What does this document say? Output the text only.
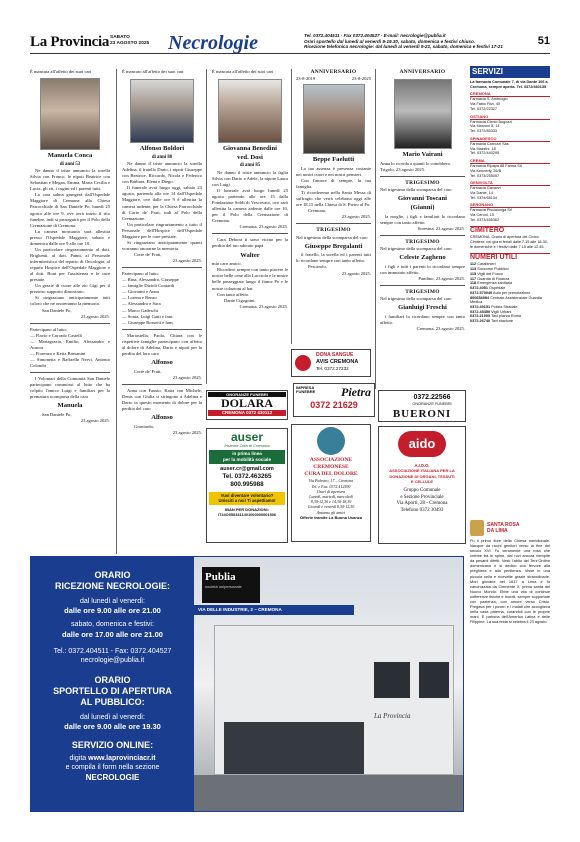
La Provincia SABATO
23 AGOSTO 2025 Necrologie	Tel. 0372.404511 · Fax 0372.404527 · E-mail: necrologie@publia.it
Orari sportello dal lunedì al venerdì 9-19.30, sabato, domenica e festivi chiuso.
Ricezione telefonica necrologie: dal lunedì al venerdì 9-21, sabato, domenica e festivi 17-21	51

È mancata all'affetto dei suoi cari

Manuela Conca
di anni 53

Ne danno il triste annuncio la sorella Silvia con Franco, le nipoti Beatrice con Sebastian e Megan, Emma, Maria Cecilia e Lucia, gli zii, i cugini ed i parenti tutti.

La cara salma giungerà dall'Ospedale Maggiore di Cremona alla Chiesa Parrocchiale di San Daniele Po, lunedì 25 agosto alle ore 9, ove avrà inizio il rito funebre, indi si proseguirà per il Polo della Cremazione di Cremona.

La camera mortuaria sarà allestita presso l'Ospedale Maggiore, sabato e domenica dalle ore 9 alle ore 18.

Un particolare ringraziamento al dott. Brighenti, al dott. Panni, al Personale infermieristico del reparto di Oncologia, al reparto Hospice dell'Ospedale Maggiore e al dott. Boni per l'assistenza e le cure prestate.

Un grazie di cuore alle zio Gigi per il prezioso supporto dimostrato.

Si ringraziano anticipatamente tutti coloro che ne onoreranno la memoria.

San Daniele Po,

23 agosto 2025.

Partecipano al lutto:

— Flavio e Corrado Castelli

— Mariagrazia, Emilio, Alessandro e Aurora

— Fiorenzo e Ketia Bassanini

— Simonetta e Raffaella Nervi, Antonio Colombi

I Volontari della Comunità San Daniele partecipano commossi al lutto che ha colpito l'amico Luigi e familiari per la prematura scomparsa della cara

Manuela

San Daniele Po,

23 agosto 2025.

È mancato all'affetto dei suoi cari

Alfonso Boldori
di anni 88

Ne danno il triste annuncio la sorella Adelina, il fratello Dario, i nipoti Giuseppe con Beatrice, Riccardo, Nicola e Federico con Barbara, Elena e Diego.

Il funerale avrà luogo oggi, sabato 23 agosto, partendo alle ore 14 dall'Ospedale Maggiore, ove dalle ore 9 è allestita la camera ardente, per la Chiesa Parrocchiale di Corte de' Frati, indi al Polo della Cremazione.

Un particolare ringraziamento a tutto il Personale dell'Hospice dell'Ospedale Maggiore per le cure prestate.

Si ringraziano anticipatamente quanti vorranno onorarne la memoria.

Corte de' Frati,

23 agosto 2025.

Partecipano al lutto:

— Rina, Alessandro, Giuseppe

— famiglie Dizioli Contardi

— Giovanni e Anna

— Lorena e Renzo

— Alessandro e Sara

— Marco Gadeschi

— Sonia, Luigi Gatti e fam.

— Giuseppe Rossetti e fam.

Mariastella, Paolo, Chiara con le rispettive famiglie partecipano con affetto al dolore di Adelina, Dario e nipoti per la perdita del loro caro

Alfonso

Corte de' Frati,

23 agosto 2025.

Anna con Fausto, Katia con Michele, Denis con Giulia si stringono a Adelina e Dario in questo momento di dolore per la perdita del caro

Alfonso

Grontardo,

23 agosto 2025.

È mancata all'affetto dei suoi cari

Giovanna Benedini
ved. Dosi
di anni 85

Ne danno il triste annuncio la figlia Silvia con Dario e Adele, la nipote Laura con Luigi.

Il funerale avrà luogo lunedì 25 agosto partendo alle ore 15 dalla Fondazione Soldi di Vescovato, ove sarà allestita la camera ardente dalle ore 10, per il Polo della Cremazione di Cremona.

Cremona, 23 agosto 2025.

Cara Debora ti sono vicino per la perdita del tuo adorato papà

Walter

mio caro amico.

Ricorderò sempre con tanto piacere le nostre belle cene alla Lucciola e le nostre belle passeggiate lungo il fiume Po e le nostre colazioni al bar.

Con tanto affetto.

Dante Cigognini.

Cremona, 23 agosto 2025.

ANNIVERSARIO
23-8-2019	23-8-2025
Beppe Faelutti

La tua assenza è presenza costante nei nostri cuori e nei nostri pensieri.

Con l'amore di sempre, la tua famiglia.

Ti ricorderemo nella Santa Messa di suffragio che verrà celebrata oggi alle ore 18,15 nella Chiesa di S. Pietro al Po.

Cremona,

23 agosto 2025.

TRIGESIMO

Nel trigesimo della scomparsa del caro

Giuseppe Bregalanti

il fratello, la sorella ed i parenti tutti lo ricordano sempre con tanto affetto.

Pescarolo,

23 agosto 2025.

ANNIVERSARIO
Mario Vairani

Anna lo ricorda a quanti lo conobbero.

Trigolo, 23 agosto 2025.

TRIGESIMO

Nel trigesimo della scomparsa del caro

Giovanni Toscani
(Gianni)

la moglie, i figli e familiari lo ricordano sempre con tanto affetto.

Soresina, 23 agosto 2025.

TRIGESIMO

Nel trigesimo della scomparsa del caro

Celeste Zagheno

i figli e tutti i parenti lo ricordano sempre con immutato affetto.

Pandino, 23 agosto 2025.

TRIGESIMO

Nel trigesimo della scomparsa del caro

Gianluigi Freschi

i familiari lo ricordano sempre con tanto affetto.

Cremona, 23 agosto 2025.

ONORANZE FUNEBRI
DOLARA
CREMONA 0372 430112
DONA SANGUE
AVIS CREMONA
Tel. 0372.27232
IMPRESA FUNEBRE	Pietra
0372 21629
0372.22566
ONORANZE FUNEBRI
BUERONI
auser
Insieme Città di Cremona
in prima linea
per la mobilità sociale
auser.cr@gmail.com
Tel. 0372.463265
800.995988
Vuoi diventare volontario?
Unisciti a noi! Ti aspettiamo!
IBAN PER DONAZIONI:
IT24O0503411401000000001506
ASSOCIAZIONE
CREMONESE
CURA DEL DOLORE
Via Palestro, 17 – Cremona
Tel. e Fax. 0372.412590
Orari di apertura
Lunedì, martedì, mercoledì
8,30-12,30 e 14,30-18,30
Giovedì e venerdì 8,30-12,30
Amiamo gli amici
Offerte tramite La Buona Usanza
aido
A.I.D.O.
ASSOCIAZIONE ITALIANA PER LA
DONAZIONE DI ORGANI, TESSUTI
E CELLULE
Gruppo Comunale
e Sezione Provinciale
Via Aporti, 28 - Cremona
Telefono 0372 30493
ORARIO
RICEZIONE NECROLOGIE:
dal lunedì al venerdì:
dalle ore 9.00 alle ore 21.00
sabato, domenica e festivi:
dalle ore 17.00 alle ore 21.00
Tel.: 0372.404511 - Fax: 0372.404527
necrologie@publia.it
ORARIO
SPORTELLO DI APERTURA
AL PUBBLICO:
dal lunedì al venerdì:
dalle ore 9.00 alle ore 19.30
SERVIZIO ONLINE:
digita www.laprovinciacr.it
e compila il form nella sezione
NECROLOGIE
Publia
società unipersonale
VIA DELLE INDUSTRIE, 2 – CREMONA
La Provincia
SERVIZI
La farmacia Comunale 7, di via Dante 106 a Cremona, sempre aperta. Tel. 0372/460135
CREMONA
Farmacia S. Ambrogio
Via Fabio Filzi, 40
Tel. 0372/22327
OSTIANO
Farmacia Clerici Bugozzi
Via Marconi 5, 14
Tel. 0372/85333
SPINADESCO
Farmacia Carrozzi Sas
Via Mazzini, 18
Tel. 0372/440295
CREMA
Farmacia Ripapa 88 Farma Srl
Via Kennedy, 26/B
Tel. 0373/255057
GENIVOLTA
Farmacia Gavazzi
Via Dante, 14
Tel. 0374/68134
SERGNANO
Farmacia Piscialonga Srl
Via Ceroni, 15
Tel. 0373/455362
CIMITERO
CREMONA: Orario di apertura del Civico Cimitero: nei giorni feriali dalle 7.15 alle 18.30, le domeniche e i festivi dalle 7.15 alle 12.45.
NUMERI UTILI
112 Carabinieri
113 Soccorso Pubblico
115 Vigili del Fuoco
117 Guardia di Finanza
118 Emergenza sanitaria
0372.4051 Ospedale
0372.570040 Auto per prenotazione
800654984 Centrale Assistenziale Guardia Medica
0372.49151 Polizia Stradale
0372.45450 Vigili Urbani
0372.21000 Taxi piazza Roma
0372.26740 Taxi stazione
SANTA ROSA
DA LIMA
Fu il primo fiore della Chiesa meridionale. Nacque da ricchi genitori verso la fine del secolo XVI. Fu veramente una rosa che crebbe tra le spine, dai rovi ancora riempite da pesanti difetti. Vestì l'abito del Terz'Ordine domenicano e si dedicò con fervore alla preghiera e alla penitenza. Visse in una piccola cella e ricevette grazie straordinarie. Morì giovane nel 1617 a Lima e fu canonizzata da Clemente X, prima santa del Nuovo Mondo. Ebbe una vita di continue sofferenze fisiche e morali, sempre sopportate con pazienza, con amore verso Cristo. Pregava per i poveri e i malati che accoglieva nella casa paterna, curandoli con le proprie mani. È patrona dell'America Latina e delle Filippine. La sua festa si celebra il 23 agosto.
